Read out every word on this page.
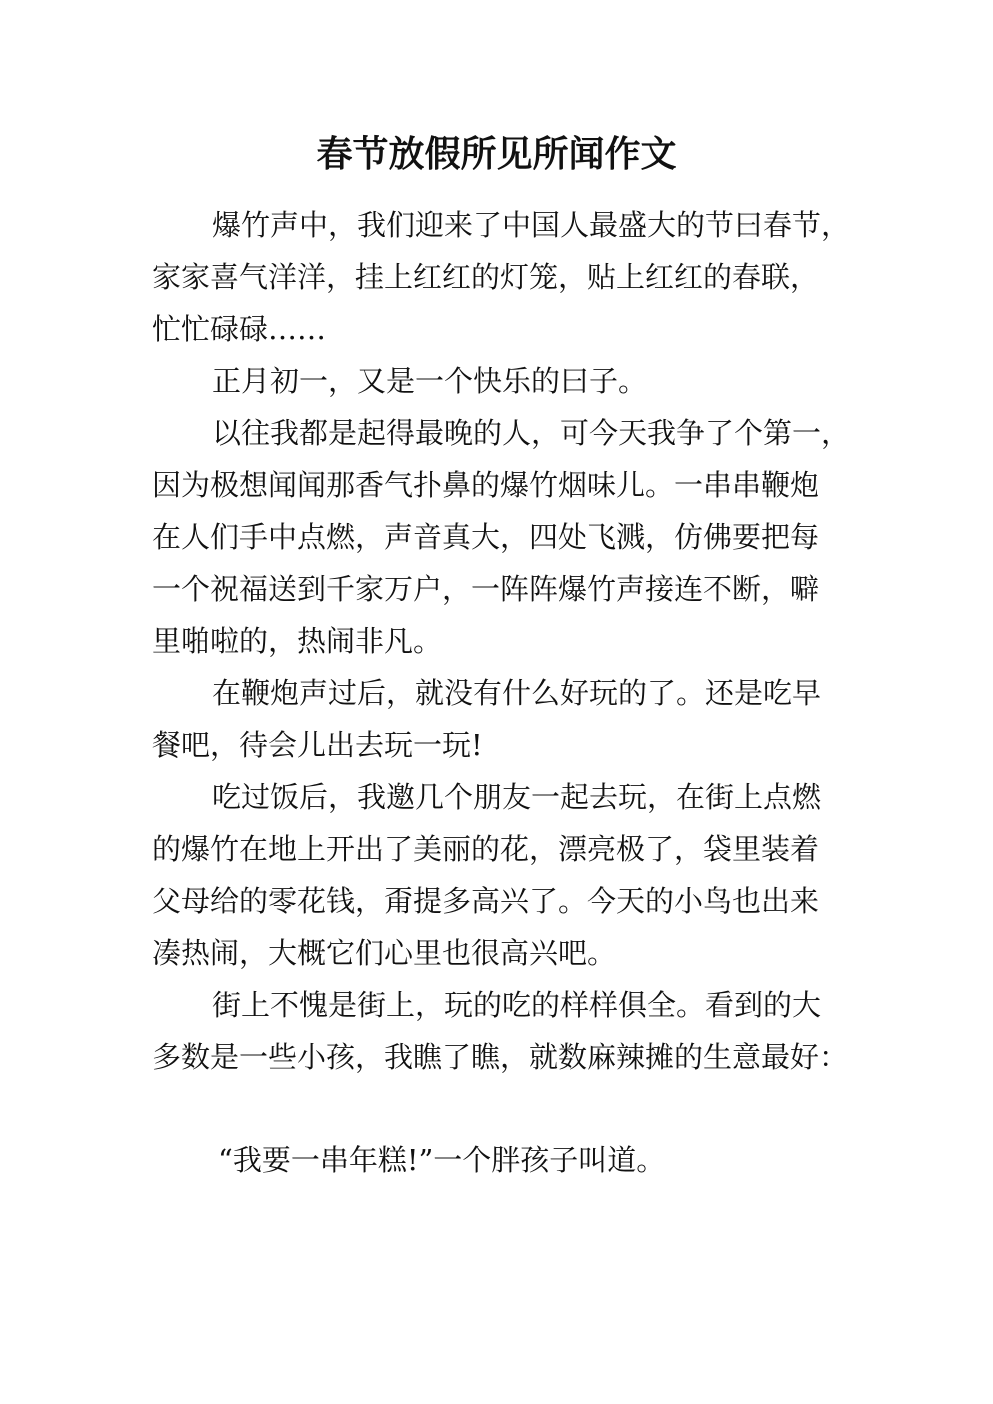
春节放假所见所闻作文
爆竹声中，我们迎来了中国人最盛大的节曰春节，
家家喜气洋洋，挂上红红的灯笼，贴上红红的春联，
忙忙碌碌……
正月初一，又是一个快乐的曰子。
以往我都是起得最晚的人，可今天我争了个第一，
因为极想闻闻那香气扑鼻的爆竹烟味儿。一串串鞭炮
在人们手中点燃，声音真大，四处飞溅，仿佛要把每
一个祝福送到千家万户，一阵阵爆竹声接连不断，噼
里啪啦的，热闹非凡。
在鞭炮声过后，就没有什么好玩的了。还是吃早
餐吧，待会儿出去玩一玩!
吃过饭后，我邀几个朋友一起去玩，在街上点燃
的爆竹在地上开出了美丽的花，漂亮极了，袋里装着
父母给的零花钱，甭提多高兴了。今天的小鸟也出来
凑热闹，大概它们心里也很高兴吧。
街上不愧是街上，玩的吃的样样俱全。看到的大
多数是一些小孩，我瞧了瞧，就数麻辣摊的生意最好：
“我要一串年糕!”一个胖孩子叫道。
